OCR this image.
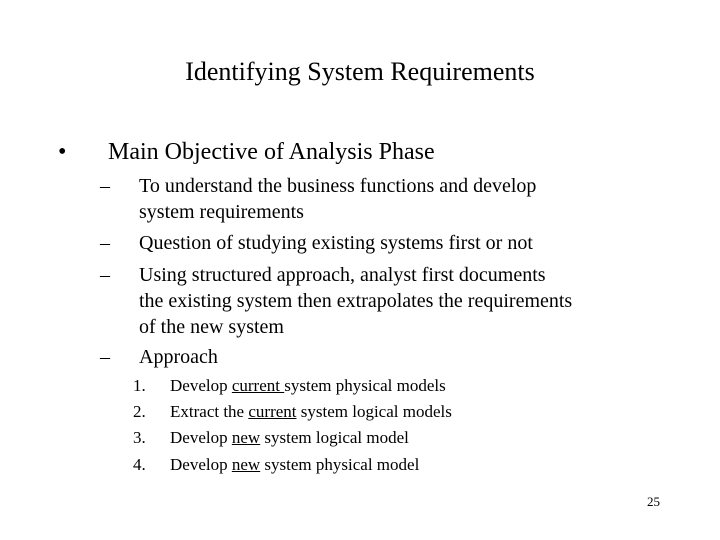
Identifying System Requirements
• Main Objective of Analysis Phase
– To understand the business functions and develop
system requirements
– Question of studying existing systems first or not
– Using structured approach, analyst first documents
the existing system then extrapolates the requirements
of the new system
– Approach
1. Develop current system physical models
2. Extract the current system logical models
3. Develop new system logical model
4. Develop new system physical model
25
